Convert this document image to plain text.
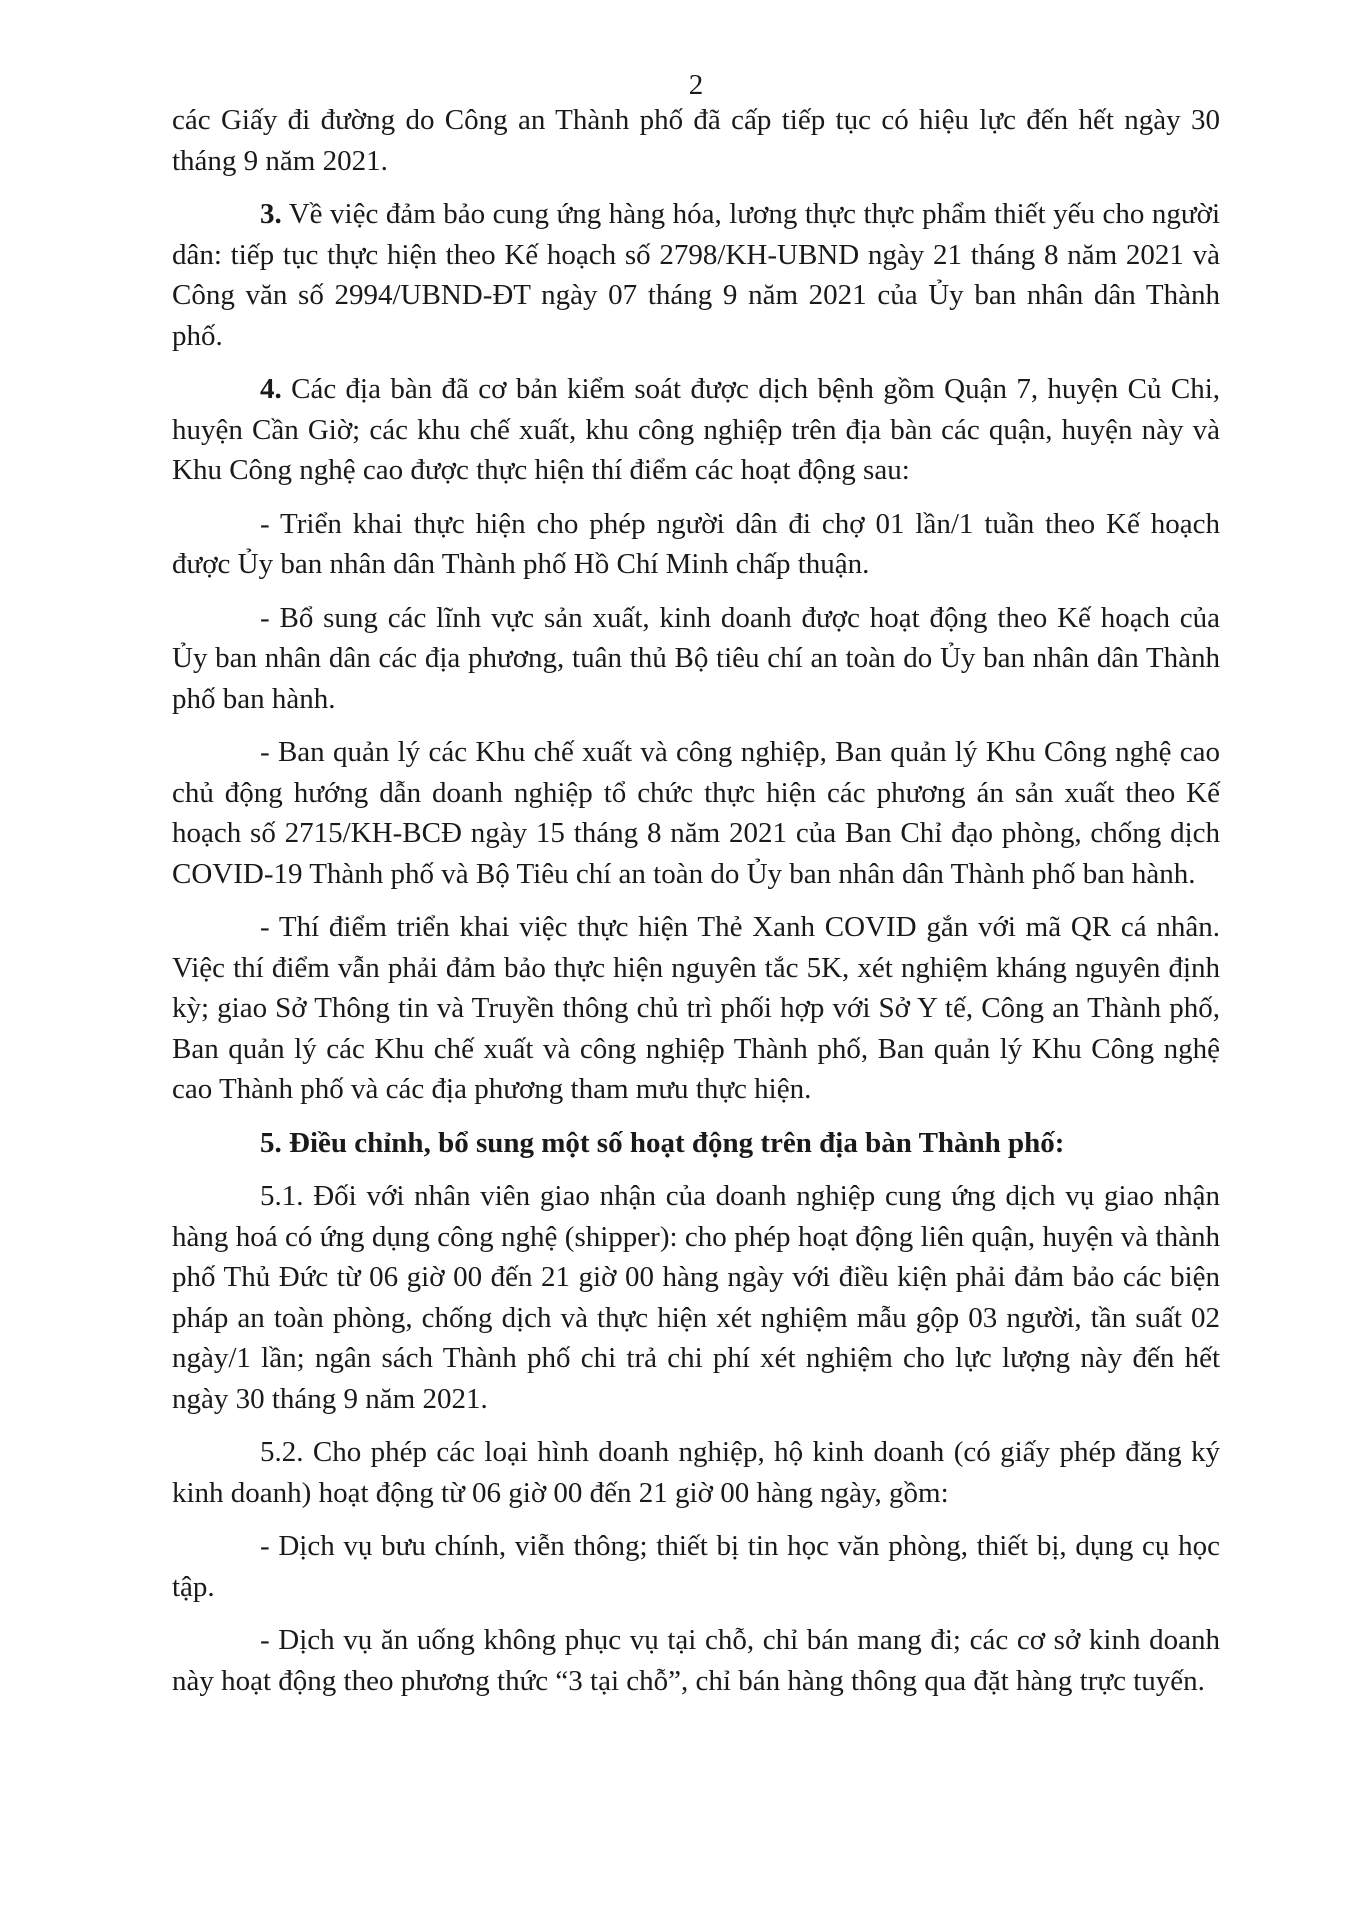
2

các Giấy đi đường do Công an Thành phố đã cấp tiếp tục có hiệu lực đến hết ngày 30 tháng 9 năm 2021.

3. Về việc đảm bảo cung ứng hàng hóa, lương thực thực phẩm thiết yếu cho người dân: tiếp tục thực hiện theo Kế hoạch số 2798/KH-UBND ngày 21 tháng 8 năm 2021 và Công văn số 2994/UBND-ĐT ngày 07 tháng 9 năm 2021 của Ủy ban nhân dân Thành phố.

4. Các địa bàn đã cơ bản kiểm soát được dịch bệnh gồm Quận 7, huyện Củ Chi, huyện Cần Giờ; các khu chế xuất, khu công nghiệp trên địa bàn các quận, huyện này và Khu Công nghệ cao được thực hiện thí điểm các hoạt động sau:

- Triển khai thực hiện cho phép người dân đi chợ 01 lần/1 tuần theo Kế hoạch được Ủy ban nhân dân Thành phố Hồ Chí Minh chấp thuận.

- Bổ sung các lĩnh vực sản xuất, kinh doanh được hoạt động theo Kế hoạch của Ủy ban nhân dân các địa phương, tuân thủ Bộ tiêu chí an toàn do Ủy ban nhân dân Thành phố ban hành.

- Ban quản lý các Khu chế xuất và công nghiệp, Ban quản lý Khu Công nghệ cao chủ động hướng dẫn doanh nghiệp tổ chức thực hiện các phương án sản xuất theo Kế hoạch số 2715/KH-BCĐ ngày 15 tháng 8 năm 2021 của Ban Chỉ đạo phòng, chống dịch COVID-19 Thành phố và Bộ Tiêu chí an toàn do Ủy ban nhân dân Thành phố ban hành.

- Thí điểm triển khai việc thực hiện Thẻ Xanh COVID gắn với mã QR cá nhân. Việc thí điểm vẫn phải đảm bảo thực hiện nguyên tắc 5K, xét nghiệm kháng nguyên định kỳ; giao Sở Thông tin và Truyền thông chủ trì phối hợp với Sở Y tế, Công an Thành phố, Ban quản lý các Khu chế xuất và công nghiệp Thành phố, Ban quản lý Khu Công nghệ cao Thành phố và các địa phương tham mưu thực hiện.

5. Điều chỉnh, bổ sung một số hoạt động trên địa bàn Thành phố:

5.1. Đối với nhân viên giao nhận của doanh nghiệp cung ứng dịch vụ giao nhận hàng hoá có ứng dụng công nghệ (shipper): cho phép hoạt động liên quận, huyện và thành phố Thủ Đức từ 06 giờ 00 đến 21 giờ 00 hàng ngày với điều kiện phải đảm bảo các biện pháp an toàn phòng, chống dịch và thực hiện xét nghiệm mẫu gộp 03 người, tần suất 02 ngày/1 lần; ngân sách Thành phố chi trả chi phí xét nghiệm cho lực lượng này đến hết ngày 30 tháng 9 năm 2021.

5.2. Cho phép các loại hình doanh nghiệp, hộ kinh doanh (có giấy phép đăng ký kinh doanh) hoạt động từ 06 giờ 00 đến 21 giờ 00 hàng ngày, gồm:

- Dịch vụ bưu chính, viễn thông; thiết bị tin học văn phòng, thiết bị, dụng cụ học tập.

- Dịch vụ ăn uống không phục vụ tại chỗ, chỉ bán mang đi; các cơ sở kinh doanh này hoạt động theo phương thức “3 tại chỗ”, chỉ bán hàng thông qua đặt hàng trực tuyến.
